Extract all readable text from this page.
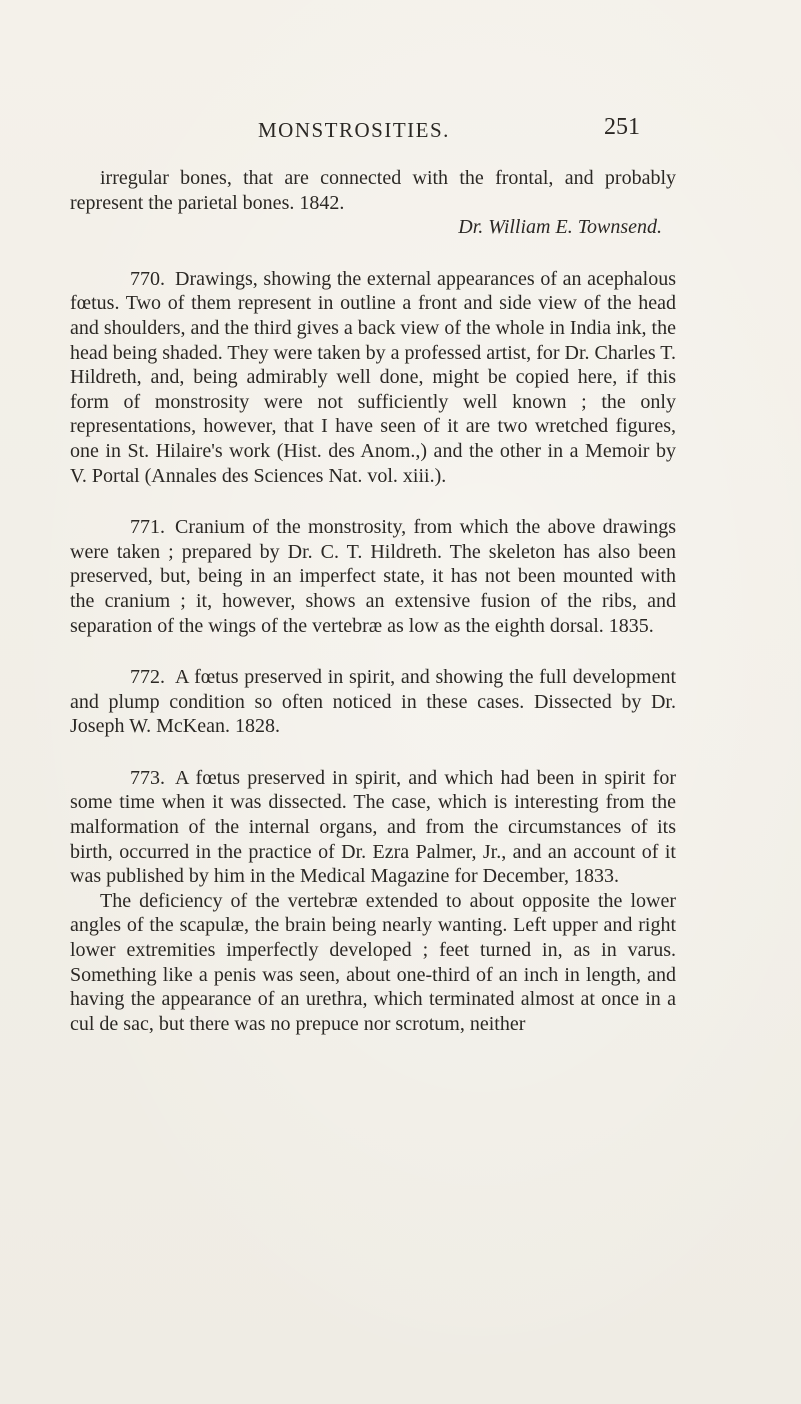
MONSTROSITIES.	251

irregular bones, that are connected with the frontal, and probably represent the parietal bones. 1842.

Dr. William E. Townsend.

770. Drawings, showing the external appearances of an acephalous fœtus. Two of them represent in outline a front and side view of the head and shoulders, and the third gives a back view of the whole in India ink, the head being shaded. They were taken by a professed artist, for Dr. Charles T. Hildreth, and, being admirably well done, might be copied here, if this form of monstrosity were not sufficiently well known ; the only representations, however, that I have seen of it are two wretched figures, one in St. Hilaire's work (Hist. des Anom.,) and the other in a Memoir by V. Portal (Annales des Sciences Nat. vol. xiii.).

771. Cranium of the monstrosity, from which the above drawings were taken ; prepared by Dr. C. T. Hildreth. The skeleton has also been preserved, but, being in an imperfect state, it has not been mounted with the cranium ; it, however, shows an extensive fusion of the ribs, and separation of the wings of the vertebræ as low as the eighth dorsal. 1835.

772. A fœtus preserved in spirit, and showing the full development and plump condition so often noticed in these cases. Dissected by Dr. Joseph W. McKean. 1828.

773. A fœtus preserved in spirit, and which had been in spirit for some time when it was dissected. The case, which is interesting from the malformation of the internal organs, and from the circumstances of its birth, occurred in the practice of Dr. Ezra Palmer, Jr., and an account of it was published by him in the Medical Magazine for December, 1833.

The deficiency of the vertebræ extended to about opposite the lower angles of the scapulæ, the brain being nearly wanting. Left upper and right lower extremities imperfectly developed ; feet turned in, as in varus. Something like a penis was seen, about one-third of an inch in length, and having the appearance of an urethra, which terminated almost at once in a cul de sac, but there was no prepuce nor scrotum, neither
